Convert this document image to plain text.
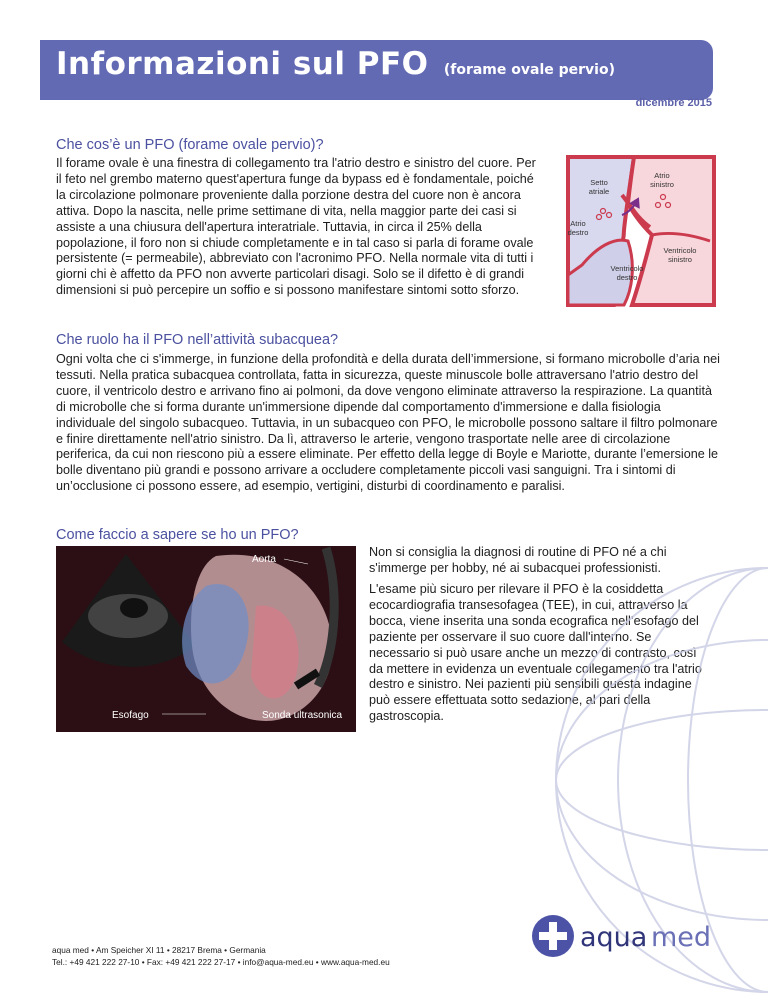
Informazioni sul PFO (forame ovale pervio)
dicembre 2015
Che cos’è un PFO (forame ovale pervio)?

Il forame ovale è una finestra di collegamento tra l'atrio destro e sinistro del cuore. Per il feto nel grembo materno quest'apertura funge da bypass ed è fondamentale, poiché la circolazione polmonare proveniente dalla porzione destra del cuore non è ancora attiva. Dopo la nascita, nelle prime settimane di vita, nella maggior parte dei casi si assiste a una chiusura dell'apertura interatriale. Tuttavia, in circa il 25% della popolazione, il foro non si chiude completamente e in tal caso si parla di forame ovale persistente (= permeabile), abbreviato con l'acronimo PFO. Nella normale vita di tutti i giorni chi è affetto da PFO non avverte particolari disagi. Solo se il difetto è di grandi dimensioni si può percepire un soffio e si possono manifestare sintomi sotto sforzo.

Setto
atriale
Atrio
destro
Atrio
sinistro
Ventricolo
sinistro
Ventricolo
destro
Che ruolo ha il PFO nell’attività subacquea?

Ogni volta che ci s'immerge, in funzione della profondità e della durata dell’immersione, si formano microbolle d’aria nei tessuti. Nella pratica subacquea controllata, fatta in sicurezza, queste minuscole bolle attraversano l'atrio destro del cuore, il ventricolo destro e arrivano fino ai polmoni, da dove vengono eliminate attraverso la respirazione. La quantità di microbolle che si forma durante un'immersione dipende dal comportamento d'immersione e dalla fisiologia individuale del singolo subacqueo. Tuttavia, in un subacqueo con PFO, le microbolle possono saltare il filtro polmonare e finire direttamente nell'atrio sinistro. Da lì, attraverso le arterie, vengono trasportate nelle aree di circolazione periferica, da cui non riescono più a essere eliminate. Per effetto della legge di Boyle e Mariotte, durante l’emersione le bolle diventano più grandi e possono arrivare a occludere completamente piccoli vasi sanguigni. Tra i sintomi di un’occlusione ci possono essere, ad esempio, vertigini, disturbi di coordinamento e paralisi.

Come faccio a sapere se ho un PFO?
Aorta
Esofago	Sonda ultrasonica

Non si consiglia la diagnosi di routine di PFO né a chi s'immerge per hobby, né ai subacquei professionisti.

L'esame più sicuro per rilevare il PFO è la cosiddetta ecocardiografia transesofagea (TEE), in cui, attraverso la bocca, viene inserita una sonda ecografica nell’esofago del paziente per osservare il suo cuore dall'interno. Se necessario si può usare anche un mezzo di contrasto, così da mettere in evidenza un eventuale collegamento tra l'atrio destro e sinistro. Nei pazienti più sensibili questa indagine può essere effettuata sotto sedazione, al pari della gastroscopia.

aqua med • Am Speicher XI 11 • 28217 Brema • Germania
Tel.: +49 421 222 27-10 • Fax: +49 421 222 27-17 • info@aqua-med.eu • www.aqua-med.eu
aqua med
